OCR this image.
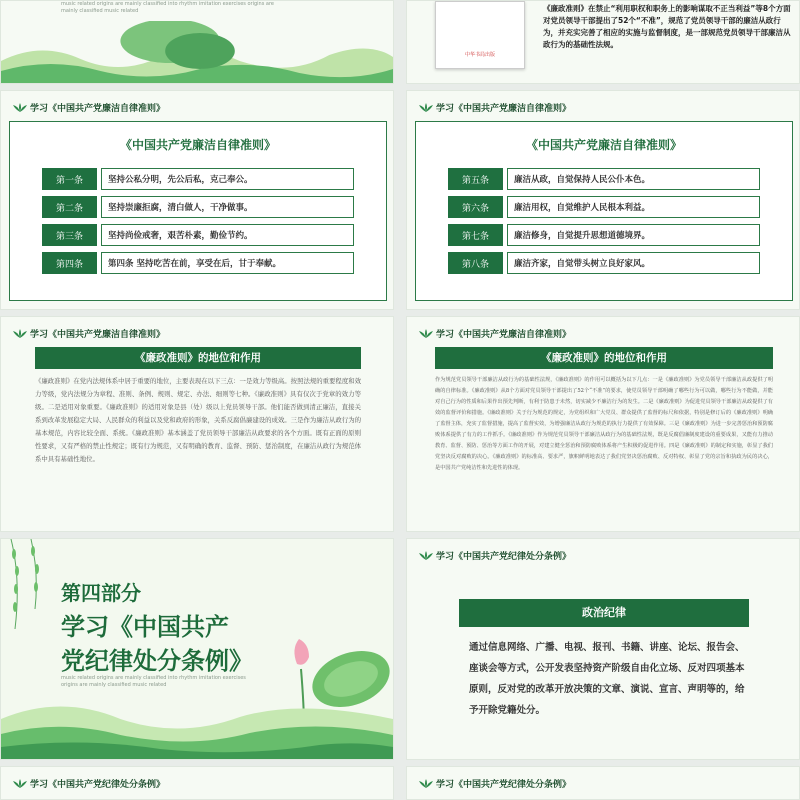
music related origins are mainly classified into rhythm imitation exercises origins are mainly classified music related
中华书局出版
《廉政准则》在禁止“利用职权和职务上的影响谋取不正当利益”等8个方面对党员领导干部提出了52个“不准”，规范了党员领导干部的廉洁从政行为，并充实完善了相应的实施与监督制度，是一部规范党员领导干部廉洁从政行为的基础性法规。
学习《中国共产党廉洁自律准则》
《中国共产党廉洁自律准则》
第一条	坚持公私分明，先公后私，克己奉公。
第二条	坚持崇廉拒腐，清白做人，干净做事。
第三条	坚持尚俭戒奢，艰苦朴素，勤俭节约。
第四条	第四条 坚持吃苦在前，享受在后，甘于奉献。
学习《中国共产党廉洁自律准则》
《中国共产党廉洁自律准则》
第五条	廉洁从政，自觉保持人民公仆本色。
第六条	廉洁用权，自觉维护人民根本利益。
第七条	廉洁修身，自觉提升思想道德境界。
第八条	廉洁齐家，自觉带头树立良好家风。
学习《中国共产党廉洁自律准则》
《廉政准则》的地位和作用
《廉政准则》在党内法规体系中居于重要的地位，主要表现在以下三点：一是效力等级高。按照法规的重要程度和效力等级，党内法规分为章程、准则、条例、规则、规定、办法、细则等七种。《廉政准则》具有仅次于党章的效力等级。二是适用对象重要。《廉政准则》的适用对象是县（处）级以上党员领导干部。他们能否做到清正廉洁，直接关系到改革发展稳定大局、人民群众的利益以及党和政府的形象，关系反腐倡廉建设的成效。三是作为廉洁从政行为的基本规范，内容比较全面、系统。《廉政准则》基本涵盖了党员领导干部廉洁从政要求的各个方面。既有正面的原则性要求，又有严格的禁止性规定；既有行为规范，又有明确的教育、监督、预防、惩治制度，在廉洁从政行为规范体系中具有基础性地位。
学习《中国共产党廉洁自律准则》
《廉政准则》的地位和作用
作为规范党员领导干部廉洁从政行为的基础性法规，《廉政准则》的作用可以概括为以下几点：一是《廉政准则》为党员领导干部廉洁从政提供了明确的自律标准。《廉政准则》从8个方面对党员领导干部提出了52个“不准”的要求，使党员领导干部明确了哪些行为可以做，哪些行为不能做，并能对自己行为的性质和后果作出预先判断，有利于防患于未然，切实减少不廉洁行为的发生。二是《廉政准则》为促进党员领导干部廉洁从政提供了有效的监督评价和措施。《廉政准则》关于行为规范的规定，为党组织和广大党员、群众提供了监督的标尺和依据，特别是修订后的《廉政准则》明确了监督主体，充实了监督措施，提高了监督实效，为增强廉洁从政行为规范的执行力提供了有效保障。三是《廉政准则》为进一步完善惩治和预防腐败体系提供了有力的工作抓手。《廉政准则》作为规范党员领导干部廉洁从政行为的基础性法规，既是反腐倡廉制度建设的重要成果，又能有力推动教育、监督、预防、惩治等方面工作的开展，对建立健全惩治和预防腐败体系将产生积极的促进作用。四是《廉政准则》的制定和实施，彰显了我们党坚决反对腐败的决心。《廉政准则》的标准高、要求严，旗帜鲜明地表达了我们党坚决惩治腐败、反对特权、彰显了党的宗旨和执政为民的决心，是中国共产党纯洁性和先进性的体现。
第四部分
学习《中国共产
党纪律处分条例》
music related origins are mainly classified into rhythm imitation exercises origins are mainly classified music related
学习《中国共产党纪律处分条例》
政治纪律
通过信息网络、广播、电视、报刊、书籍、讲座、论坛、报告会、座谈会等方式，公开发表坚持资产阶级自由化立场、反对四项基本原则，反对党的改革开放决策的文章、演说、宣言、声明等的，给予开除党籍处分。
学习《中国共产党纪律处分条例》	学习《中国共产党纪律处分条例》
